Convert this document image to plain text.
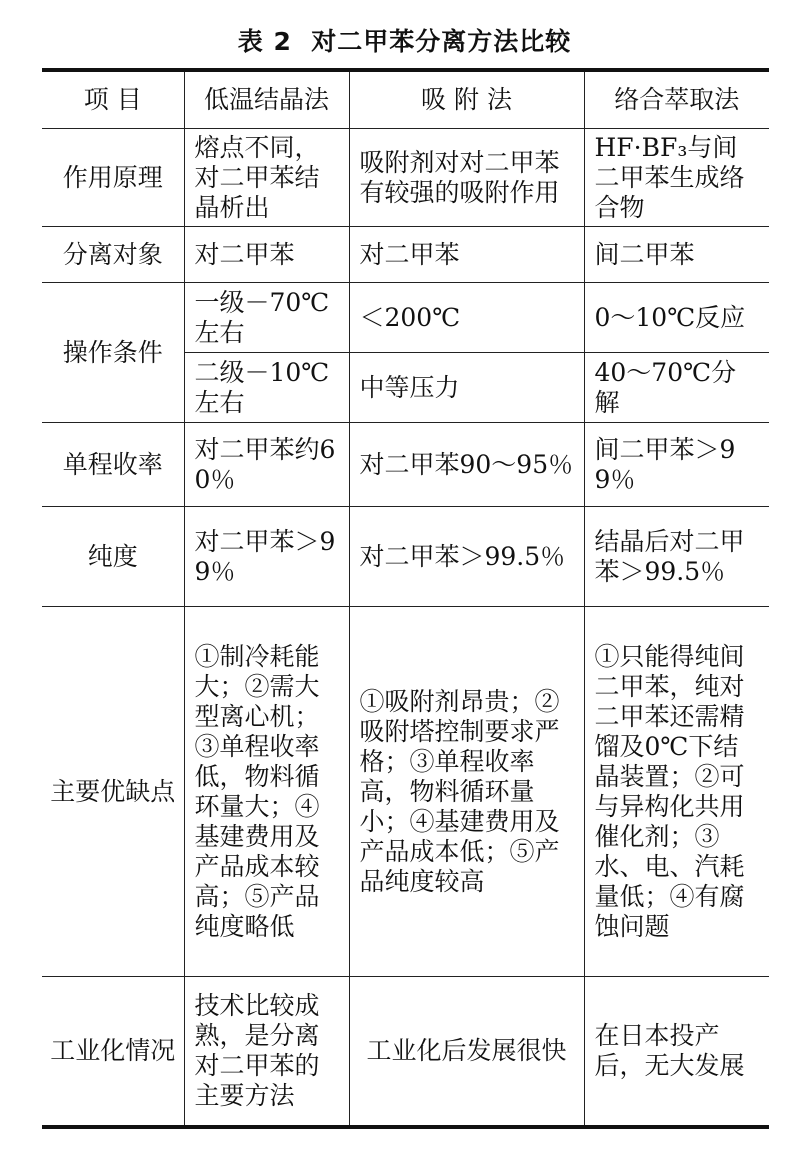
表 2  对二甲苯分离方法比较
项 目	低温结晶法	吸 附 法	络合萃取法
作用原理	熔点不同，对二甲苯结晶析出	吸附剂对对二甲苯有较强的吸附作用	HF·BF₃与间二甲苯生成络合物
分离对象	对二甲苯	对二甲苯	间二甲苯
操作条件	一级－70℃左右	＜200℃	0～10℃反应
	二级－10℃左右	中等压力	40～70℃分解
单程收率	对二甲苯约60％	对二甲苯90～95％	间二甲苯＞99％
纯度	对二甲苯＞99％	对二甲苯＞99.5％	结晶后对二甲苯＞99.5％
主要优缺点	①制冷耗能大；②需大型离心机；③单程收率低，物料循环量大；④基建费用及产品成本较高；⑤产品纯度略低	①吸附剂昂贵；②吸附塔控制要求严格；③单程收率高，物料循环量小；④基建费用及产品成本低；⑤产品纯度较高	①只能得纯间二甲苯，纯对二甲苯还需精馏及0℃下结晶装置；②可与异构化共用催化剂；③水、电、汽耗量低；④有腐蚀问题
工业化情况	技术比较成熟，是分离对二甲苯的主要方法	工业化后发展很快	在日本投产后，无大发展
